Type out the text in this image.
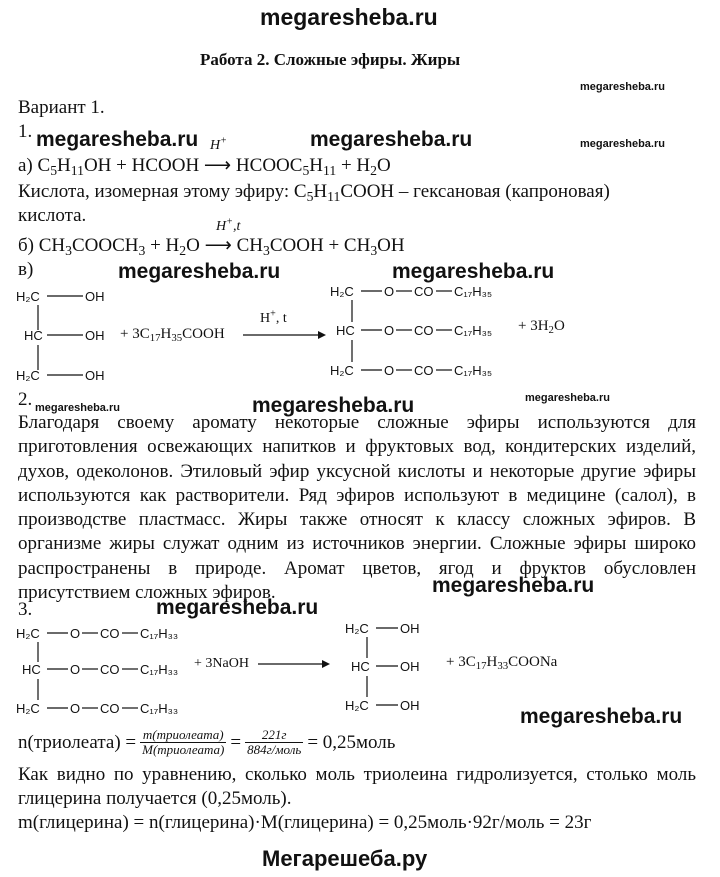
megaresheba.ru
Работа 2. Сложные эфиры. Жиры
megaresheba.ru
megaresheba.ru
megaresheba.ru
megaresheba.ru
Вариант 1.
1. megaresheba.ru	megaresheba.ru
H+
а) $C_5H_{11}OH$ + HCOOH ⟶ $HCOOC_5H_{11} + H_2O$
Кислота, изомерная этому эфиру: $C_5H_{11}COOH$ – гексановая (капроновая)
кислота.
H+,t
б) $CH_3COOCH_3 + H_2O$ ⟶ $CH_3COOH + CH_3OH$
в)	megaresheba.ru	megaresheba.ru
H₂C	OH
HC	OH
H₂C	OH
+ $3C_{17}H_{35}COOH$
H+, t
H₂C O CO C₁₇H₃₅
HC O CO C₁₇H₃₅
H₂C O CO C₁₇H₃₅
+ $3H_2O$
2.	megaresheba.ru
Благодаря своему аромату некоторые сложные эфиры используются для приготовления освежающих напитков и фруктовых вод, кондитерских изделий, духов, одеколонов. Этиловый эфир уксусной кислоты и некоторые другие эфиры используются как растворители. Ряд эфиров используют в медицине (салол), в производстве пластмасс. Жиры также относят к классу сложных эфиров. В организме жиры служат одним из источников энергии. Сложные эфиры широко распространены в природе. Аромат цветов, ягод и фруктов обусловлен присутствием сложных эфиров.	megaresheba.ru
3.	megaresheba.ru
H₂C O CO C₁₇H₃₃
HC O CO C₁₇H₃₃
H₂C O CO C₁₇H₃₃
H₂C OH
HC OH
H₂C OH
+ 3NaOH	+ $3C_{17}H_{33}COONa$
megaresheba.ru
n(триолеата) = $\frac{\text{m(триолеата)}}{\text{M(триолеата)}} = \frac{221г}{\text{884г/моль}}$ = 0,25моль
Как видно по уравнению, сколько моль триолеина гидролизуется, столько моль глицерина получается (0,25моль).
m(глицерина) = n(глицерина)·M(глицерина) = 0,25моль·92г/моль = 23г
Мегарешеба.ру
